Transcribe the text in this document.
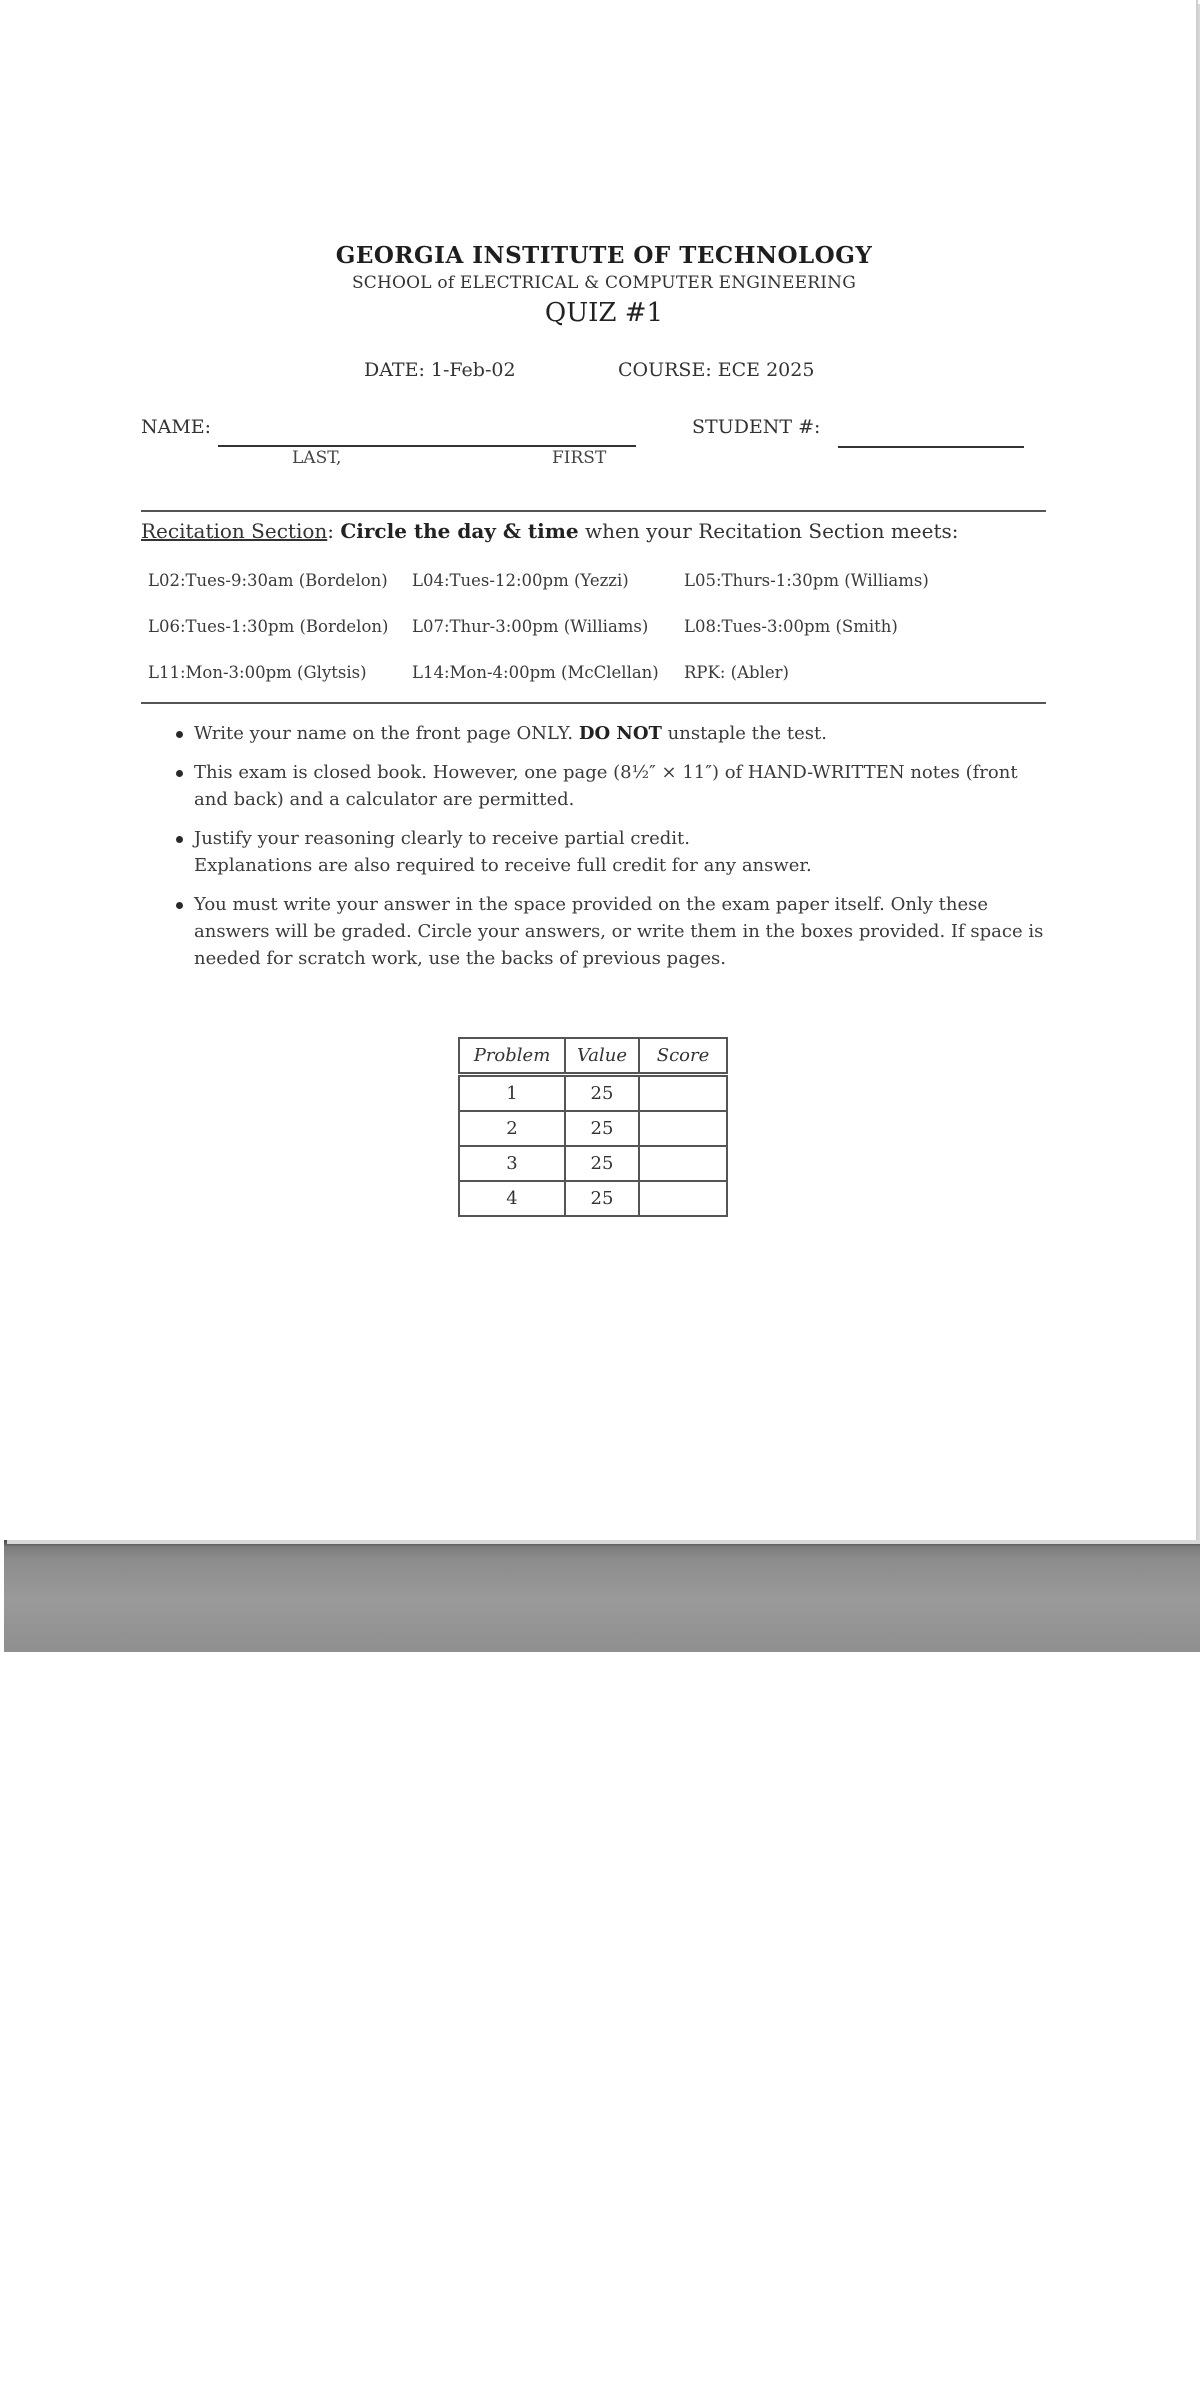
GEORGIA INSTITUTE OF TECHNOLOGY
SCHOOL of ELECTRICAL & COMPUTER ENGINEERING
QUIZ #1
DATE: 1-Feb-02	COURSE: ECE 2025
NAME:
LAST,	FIRST
STUDENT #:
Recitation Section: Circle the day & time when your Recitation Section meets:
L02:Tues-9:30am (Bordelon) L04:Tues-12:00pm (Yezzi)	L05:Thurs-1:30pm (Williams)
L06:Tues-1:30pm (Bordelon) L07:Thur-3:00pm (Williams) L08:Tues-3:00pm (Smith)
L11:Mon-3:00pm (Glytsis)	L14:Mon-4:00pm (McClellan) RPK: (Abler)
Write your name on the front page ONLY. DO NOT unstaple the test.
This exam is closed book. However, one page (8½″ × 11″) of HAND-WRITTEN notes (front and back) and a calculator are permitted.
Justify your reasoning clearly to receive partial credit.
Explanations are also required to receive full credit for any answer.
You must write your answer in the space provided on the exam paper itself. Only these answers will be graded. Circle your answers, or write them in the boxes provided. If space is needed for scratch work, use the backs of previous pages.
Problem	Value	Score
1	25	
2	25	
3	25	
4	25	
